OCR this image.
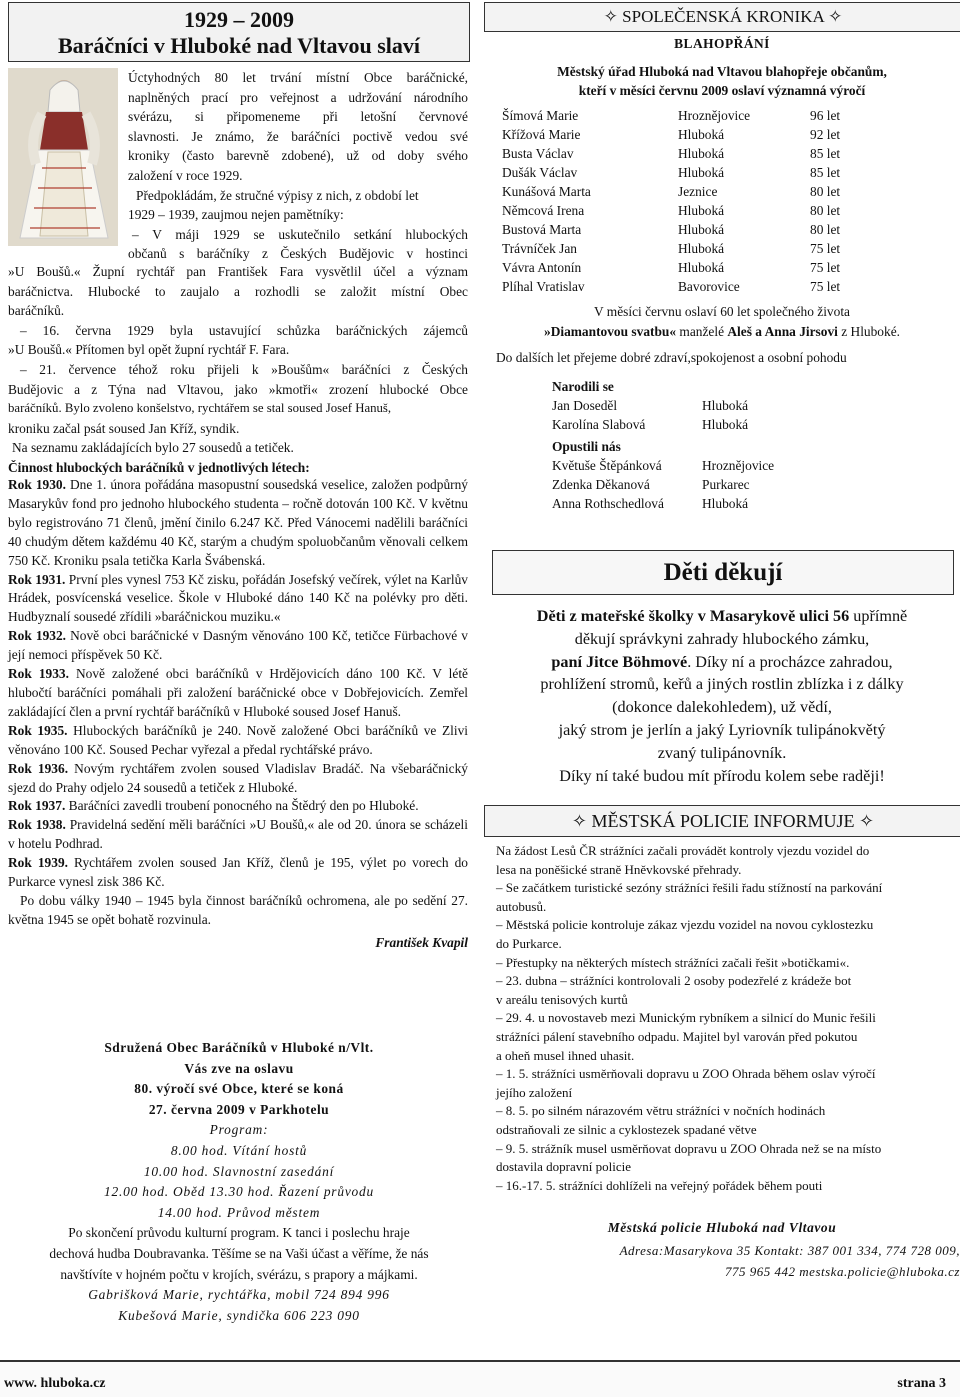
1929 – 2009
Baráčníci v Hluboké nad Vltavou slaví
Úctyhodných 80 let trvání místní Obce baráčnické,
naplněných prací pro veřejnost a udržování národního
svérázu, si připomeneme při letošní červnové
slavnosti. Je známo, že baráčníci poctivě vedou své
kroniky (často barevně zdobené), už od doby svého
založení v roce 1929.
Předpokládám, že stručné výpisy z nich, z období let
1929 – 1939, zaujmou nejen pamětníky:
– V máji 1929 se uskutečnilo setkání hlubockých
občanů s baráčníky z Českých Budějovic v hostinci
»U Boušů.« Župní rychtář pan František Fara vysvětlil účel a význam
baráčnictva. Hlubocké to zaujalo a rozhodli se založit místní Obec
baráčníků.
– 16. června 1929 byla ustavující schůzka baráčnických zájemců
»U Boušů.« Přítomen byl opět župní rychtář F. Fara.
– 21. července téhož roku přijeli k »Boušům« baráčníci z Českých
Budějovic a z Týna nad Vltavou, jako »kmotři« zrození hlubocké Obce
baráčníků. Bylo zvoleno konšelstvo, rychtářem se stal soused Josef Hanuš,
kroniku začal psát soused Jan Kříž, syndik.
Na seznamu zakládajících bylo 27 sousedů a tetiček.
Činnost hlubockých baráčníků v jednotlivých létech:
Rok 1930. Dne 1. února pořádána masopustní sousedská veselice, založen podpůrný Masarykův fond pro jednoho hlubockého studenta – ročně dotován 100 Kč. V květnu bylo registrováno 71 členů, jmění činilo 6.247 Kč. Před Vánocemi nadělili baráčníci 40 chudým dětem každému 40 Kč, starým a chudým spoluobčanům věnovali celkem 750 Kč. Kroniku psala tetička Karla Švábenská.
Rok 1931. První ples vynesl 753 Kč zisku, pořádán Josefský večírek, výlet na Karlův Hrádek, posvícenská veselice. Škole v Hluboké dáno 140 Kč na polévky pro děti. Hudbyznalí sousedé zřídili »baráčnickou muziku.«
Rok 1932. Nově obci baráčnické v Dasným věnováno 100 Kč, tetičce Fürbachové v její nemoci příspěvek 50 Kč.
Rok 1933. Nově založené obci baráčníků v Hrdějovicích dáno 100 Kč. V létě hlubočtí baráčníci pomáhali při založení baráčnické obce v Dobřejovicích. Zemřel zakládající člen a první rychtář baráčníků v Hluboké soused Josef Hanuš.
Rok 1935. Hlubockých baráčníků je 240. Nově založené Obci baráčníků ve Zlivi věnováno 100 Kč. Soused Pechar vyřezal a předal rychtářské právo.
Rok 1936. Novým rychtářem zvolen soused Vladislav Bradáč. Na všebaráčnický sjezd do Prahy odjelo 24 sousedů a tetiček z Hluboké.
Rok 1937. Baráčníci zavedli troubení ponocného na Štědrý den po Hluboké.
Rok 1938. Pravidelná sedění měli baráčníci »U Boušů,« ale od 20. února se scházeli v hotelu Podhrad.
Rok 1939. Rychtářem zvolen soused Jan Kříž, členů je 195, výlet po vorech do Purkarce vynesl zisk 386 Kč.
Po dobu války 1940 – 1945 byla činnost baráčníků ochromena, ale po sedění 27. května 1945 se opět bohatě rozvinula.
František Kvapil
Sdružená Obec Baráčníků v Hluboké n/Vlt.
Vás zve na oslavu
80. výročí své Obce, které se koná
27. června 2009 v Parkhotelu
Program:
8.00 hod. Vítání hostů
10.00 hod. Slavnostní zasedání
12.00 hod. Oběd 13.30 hod. Řazení průvodu
14.00 hod. Průvod městem
Po skončení průvodu kulturní program. K tanci i poslechu hraje
dechová hudba Doubravanka. Těšíme se na Vaši účast a věříme, že nás
navštívíte v hojném počtu v krojích, svérázu, s prapory a májkami.
Gabrišková Marie, rychtářka, mobil 724 894 996
Kubešová Marie, syndička 606 223 090
✧ SPOLEČENSKÁ KRONIKA ✧
BLAHOPŘÁNÍ
Městský úřad Hluboká nad Vltavou blahopřeje občanům,
kteří v měsíci červnu 2009 oslaví významná výročí
Šímová Marie	Hroznějovice	96 let
Křížová Marie	Hluboká	92 let
Busta Václav	Hluboká	85 let
Dušák Václav	Hluboká	85 let
Kunášová Marta	Jeznice	80 let
Němcová Irena	Hluboká	80 let
Bustová Marta	Hluboká	80 let
Trávníček Jan	Hluboká	75 let
Vávra Antonín	Hluboká	75 let
Plíhal Vratislav	Bavorovice	75 let
V měsíci červnu oslaví 60 let společného života
»Diamantovou svatbu« manželé Aleš a Anna Jirsovi z Hluboké.
Do dalších let přejeme dobré zdraví,spokojenost a osobní pohodu
Narodili se
Jan Doseděl	Hluboká
Karolína Slabová	Hluboká
Opustili nás
Květuše Štěpánková	Hroznějovice
Zdenka Děkanová	Purkarec
Anna Rothschedlová	Hluboká
Děti děkují
Děti z mateřské školky v Masarykově ulici 56 upřímně
děkují správkyni zahrady hlubockého zámku,
paní Jitce Böhmové. Díky ní a procházce zahradou,
prohlížení stromů, keřů a jiných rostlin zblízka i z dálky
(dokonce dalekohledem), už vědí,
jaký strom je jerlín a jaký Lyriovník tulipánokvětý
zvaný tulipánovník.
Díky ní také budou mít přírodu kolem sebe raději!
✧ MĚSTSKÁ POLICIE INFORMUJE ✧
Na žádost Lesů ČR strážníci začali provádět kontroly vjezdu vozidel do
lesa na poněšické straně Hněvkovské přehrady.
– Se začátkem turistické sezóny strážníci řešili řadu stížností na parkování
autobusů.
– Městská policie kontroluje zákaz vjezdu vozidel na novou cyklostezku
do Purkarce.
– Přestupky na některých místech strážníci začali řešit »botičkami«.
– 23. dubna – strážníci kontrolovali 2 osoby podezřelé z krádeže bot
v areálu tenisových kurtů
– 29. 4. u novostaveb mezi Munickým rybníkem a silnicí do Munic řešili
strážníci pálení stavebního odpadu. Majitel byl varován před pokutou
a oheň musel ihned uhasit.
– 1. 5. strážníci usměrňovali dopravu u ZOO Ohrada během oslav výročí
jejího založení
– 8. 5. po silném nárazovém větru strážníci v nočních hodinách
odstraňovali ze silnic a cyklostezek spadané větve
– 9. 5. strážník musel usměrňovat dopravu u ZOO Ohrada než se na místo
dostavila dopravní policie
– 16.-17. 5. strážníci dohlíželi na veřejný pořádek během pouti
Městská policie Hluboká nad Vltavou
Adresa:Masarykova 35 Kontakt: 387 001 334, 774 728 009,
775 965 442 mestska.policie@hluboka.cz
www. hluboka.cz	strana 3
